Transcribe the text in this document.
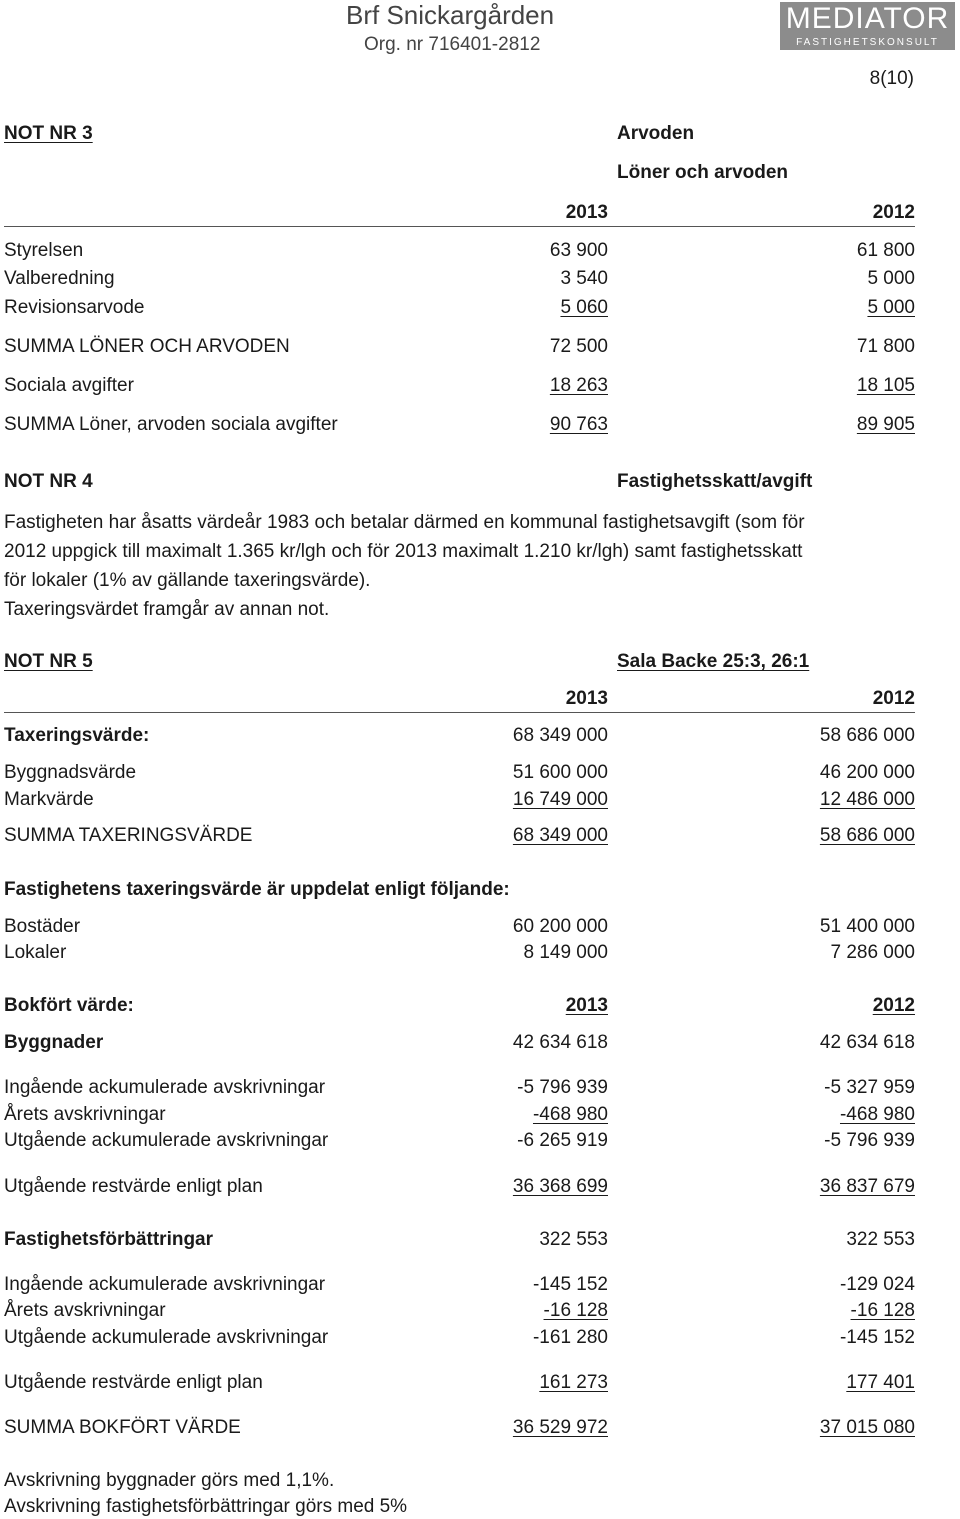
Brf Snickargården
Org. nr 716401-2812
MEDIATOR
FASTIGHETSKONSULT
8(10)
NOT NR 3	Arvoden
Löner och arvoden
2013	2012
Styrelsen	63 900	61 800
Valberedning	3 540	5 000
Revisionsarvode	5 060	5 000
SUMMA LÖNER OCH ARVODEN	72 500	71 800
Sociala avgifter	18 263	18 105
SUMMA Löner, arvoden sociala avgifter	90 763	89 905
NOT NR 4	Fastighetsskatt/avgift
Fastigheten har åsatts värdeår 1983 och betalar därmed en kommunal fastighetsavgift (som för
2012 uppgick till maximalt 1.365 kr/lgh och för 2013 maximalt 1.210 kr/lgh) samt fastighetsskatt
för lokaler (1% av gällande taxeringsvärde).
Taxeringsvärdet framgår av annan not.
NOT NR 5	Sala Backe 25:3, 26:1
2013	2012
Taxeringsvärde:	68 349 000	58 686 000
Byggnadsvärde	51 600 000	46 200 000
Markvärde	16 749 000	12 486 000
SUMMA TAXERINGSVÄRDE	68 349 000	58 686 000
Fastighetens taxeringsvärde är uppdelat enligt följande:
Bostäder	60 200 000	51 400 000
Lokaler	8 149 000	7 286 000
Bokfört värde:	2013	2012
Byggnader	42 634 618	42 634 618
Ingående ackumulerade avskrivningar	-5 796 939	-5 327 959
Årets avskrivningar	-468 980	-468 980
Utgående ackumulerade avskrivningar	-6 265 919	-5 796 939
Utgående restvärde enligt plan	36 368 699	36 837 679
Fastighetsförbättringar	322 553	322 553
Ingående ackumulerade avskrivningar	-145 152	-129 024
Årets avskrivningar	-16 128	-16 128
Utgående ackumulerade avskrivningar	-161 280	-145 152
Utgående restvärde enligt plan	161 273	177 401
SUMMA BOKFÖRT VÄRDE	36 529 972	37 015 080
Avskrivning byggnader görs med 1,1%.
Avskrivning fastighetsförbättringar görs med 5%
